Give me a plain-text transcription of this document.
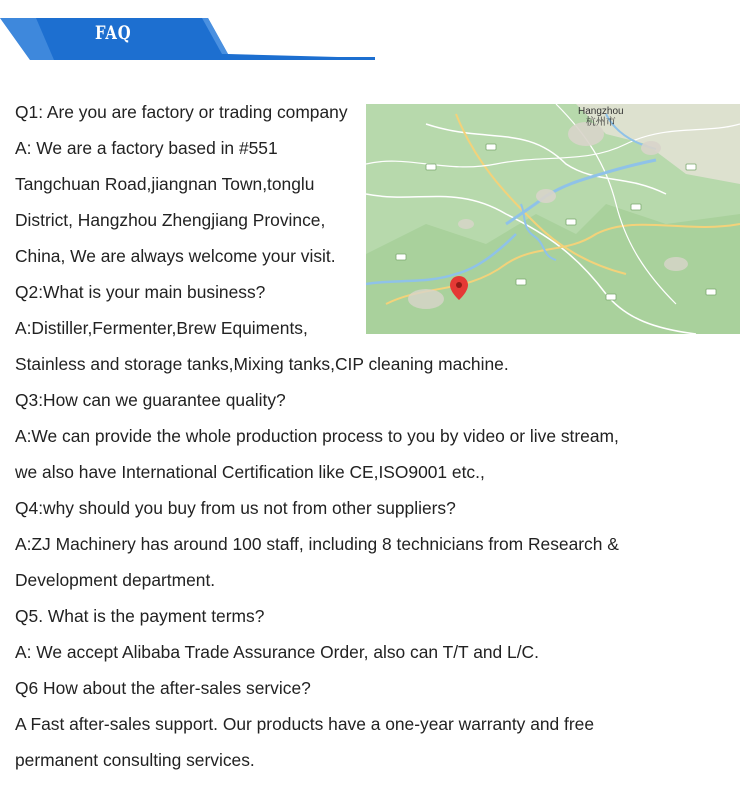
FAQ
Hangzhou
杭州市
Q1: Are you are factory or trading company
A: We are a factory based in #551
Tangchuan Road,jiangnan Town,tonglu
District, Hangzhou Zhengjiang Province,
China, We are always welcome your visit.
Q2:What is your main business?
A:Distiller,Fermenter,Brew Equiments,
Stainless and storage tanks,Mixing tanks,CIP cleaning machine.
Q3:How can we guarantee quality?
A:We can provide the whole production process to you by video or live stream,
we also have International Certification like CE,ISO9001 etc.,
Q4:why should you buy from us not from other suppliers?
A:ZJ Machinery has around 100 staff, including 8 technicians from Research &
Development department.
Q5. What is the payment terms?
A: We accept Alibaba Trade Assurance Order, also can T/T and L/C.
Q6 How about the after-sales service?
A Fast after-sales support. Our products have a one-year warranty and free
permanent consulting services.
